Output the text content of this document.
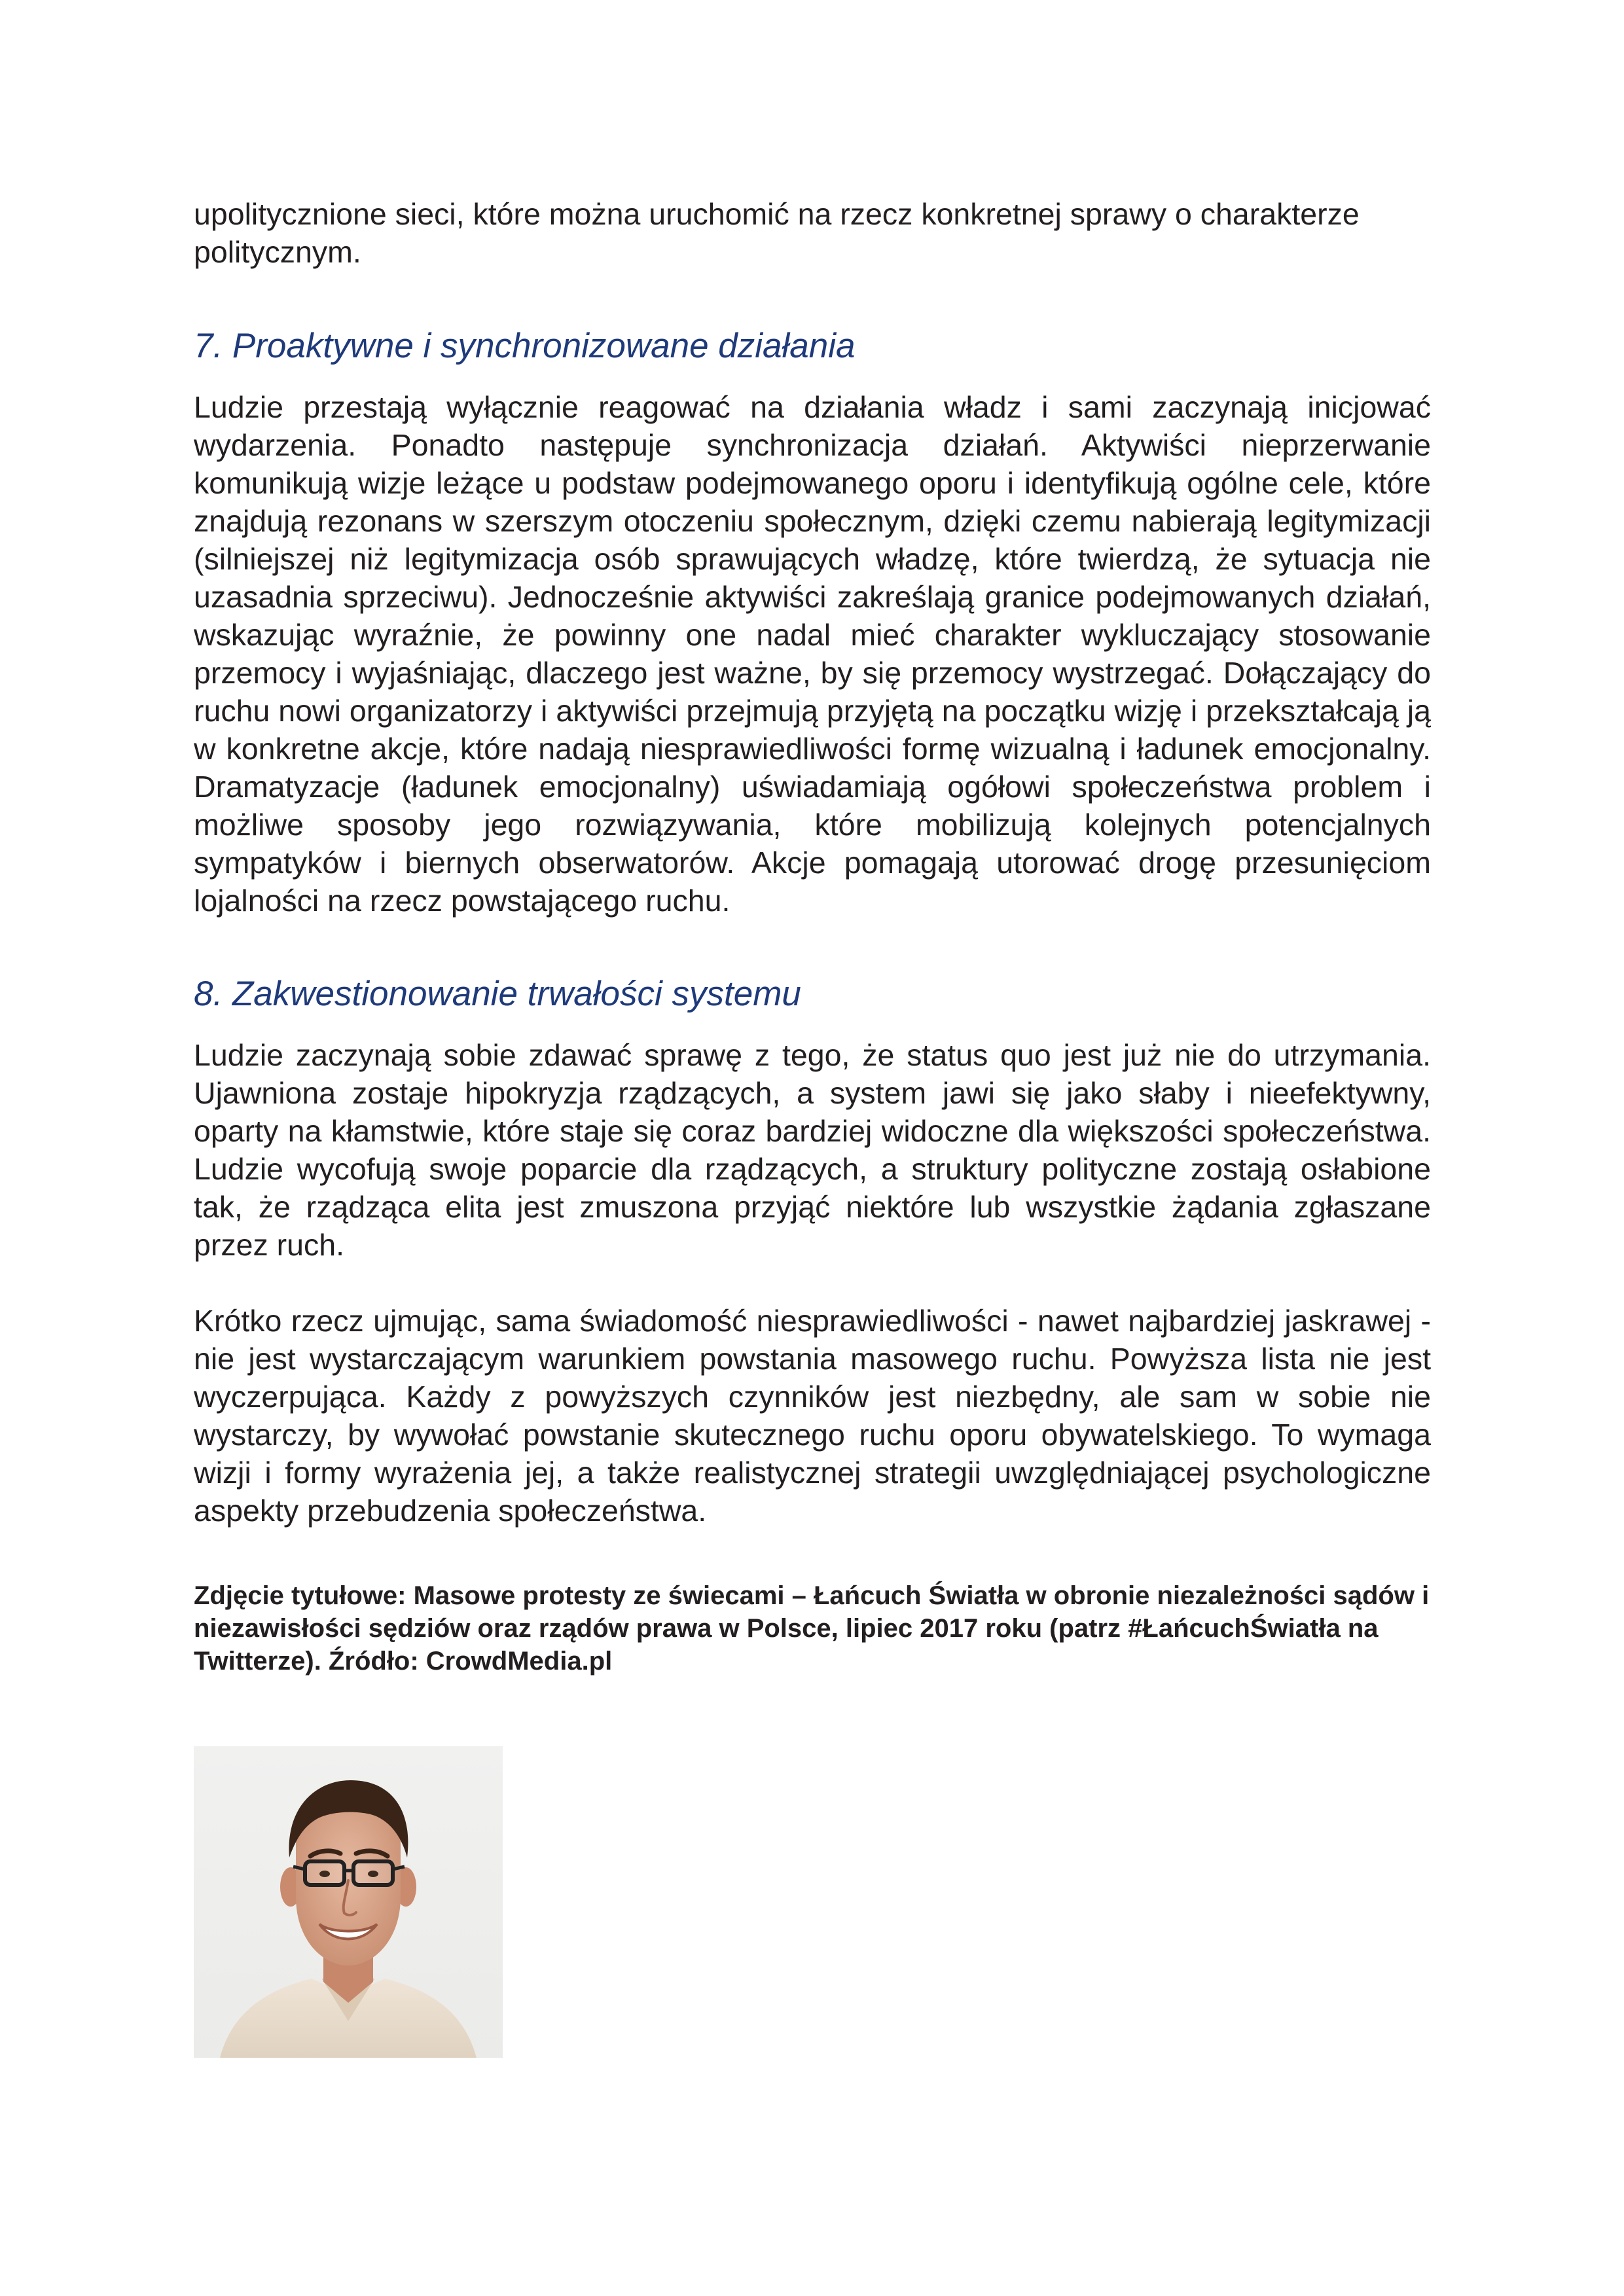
upolitycznione sieci, które można uruchomić na rzecz konkretnej sprawy o charakterze politycznym.

7. Proaktywne i synchronizowane działania

Ludzie przestają wyłącznie reagować na działania władz i sami zaczynają inicjować wydarzenia. Ponadto następuje synchronizacja działań. Aktywiści nieprzerwanie komunikują wizje leżące u podstaw podejmowanego oporu i identyfikują ogólne cele, które znajdują rezonans w szerszym otoczeniu społecznym, dzięki czemu nabierają legitymizacji (silniejszej niż legitymizacja osób sprawujących władzę, które twierdzą, że sytuacja nie uzasadnia sprzeciwu). Jednocześnie aktywiści zakreślają granice podejmowanych działań, wskazując wyraźnie, że powinny one nadal mieć charakter wykluczający stosowanie przemocy i wyjaśniając, dlaczego jest ważne, by się przemocy wystrzegać. Dołączający do ruchu nowi organizatorzy i aktywiści przejmują przyjętą na początku wizję i przekształcają ją w konkretne akcje, które nadają niesprawiedliwości formę wizualną i ładunek emocjonalny. Dramatyzacje (ładunek emocjonalny) uświadamiają ogółowi społeczeństwa problem i możliwe sposoby jego rozwiązywania, które mobilizują kolejnych potencjalnych sympatyków i biernych obserwatorów. Akcje pomagają utorować drogę przesunięciom lojalności na rzecz powstającego ruchu.

8. Zakwestionowanie trwałości systemu

Ludzie zaczynają sobie zdawać sprawę z tego, że status quo jest już nie do utrzymania. Ujawniona zostaje hipokryzja rządzących, a system jawi się jako słaby i nieefektywny, oparty na kłamstwie, które staje się coraz bardziej widoczne dla większości społeczeństwa. Ludzie wycofują swoje poparcie dla rządzących, a struktury polityczne zostają osłabione tak, że rządząca elita jest zmuszona przyjąć niektóre lub wszystkie żądania zgłaszane przez ruch.

Krótko rzecz ujmując, sama świadomość niesprawiedliwości - nawet najbardziej jaskrawej - nie jest wystarczającym warunkiem powstania masowego ruchu. Powyższa lista nie jest wyczerpująca. Każdy z powyższych czynników jest niezbędny, ale sam w sobie nie wystarczy, by wywołać powstanie skutecznego ruchu oporu obywatelskiego. To wymaga wizji i formy wyrażenia jej, a także realistycznej strategii uwzględniającej psychologiczne aspekty przebudzenia społeczeństwa.

Zdjęcie tytułowe: Masowe protesty ze świecami – Łańcuch Światła w obronie niezależności sądów i niezawisłości sędziów oraz rządów prawa w Polsce, lipiec 2017 roku (patrz #ŁańcuchŚwiatła na Twitterze). Źródło: CrowdMedia.pl
